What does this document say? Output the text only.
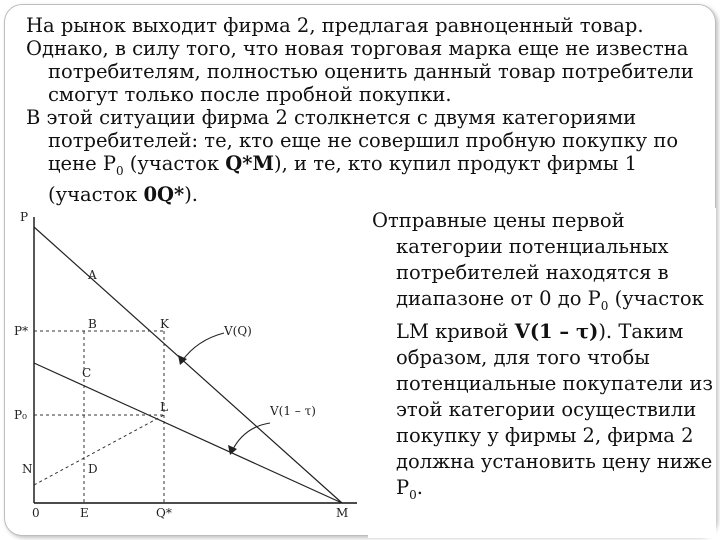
На рынок выходит фирма 2, предлагая равноценный товар.

Однако, в силу того, что новая торговая марка еще не известна потребителям, полностью оценить данный товар потребители смогут только после пробной покупки.

В этой ситуации фирма 2 столкнется с двумя категориями потребителей: те, кто еще не совершил пробную покупку по цене $Р_0$ (участок Q*M), и те, кто купил продукт фирмы 1 (участок 0Q*).

P
P*
P₀
0	E	Q*	M
A
B	K
C
L
N	D
V(Q)
V(1 – τ)

Отправные цены первой категории потенциальных потребителей находятся в диапазоне от 0 до $Р_0$ (участок LM кривой V(1 – τ)). Таким образом, для того чтобы потенциальные покупатели из этой категории осуществили покупку у фирмы 2, фирма 2 должна установить цену ниже $Р_0$.
